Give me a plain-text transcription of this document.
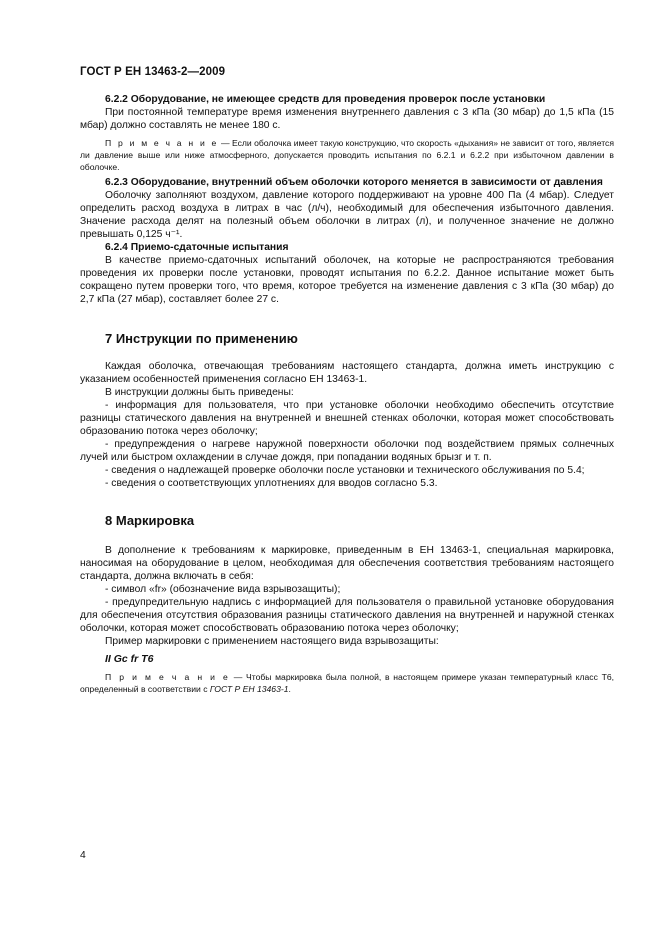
ГОСТ Р ЕН 13463-2—2009

6.2.2 Оборудование, не имеющее средств для проведения проверок после установки

При постоянной температуре время изменения внутреннего давления с 3 кПа (30 мбар) до 1,5 кПа (15 мбар) должно составлять не менее 180 с.

П р и м е ч а н и е — Если оболочка имеет такую конструкцию, что скорость «дыхания» не зависит от того, является ли давление выше или ниже атмосферного, допускается проводить испытания по 6.2.1 и 6.2.2 при избыточном давлении в оболочке.

6.2.3 Оборудование, внутренний объем оболочки которого меняется в зависимости от давления

Оболочку заполняют воздухом, давление которого поддерживают на уровне 400 Па (4 мбар). Следует определить расход воздуха в литрах в час (л/ч), необходимый для обеспечения избыточного давления. Значение расхода делят на полезный объем оболочки в литрах (л), и полученное значение не должно превышать 0,125 ч⁻¹.

6.2.4 Приемо-сдаточные испытания

В качестве приемо-сдаточных испытаний оболочек, на которые не распространяются требования проведения их проверки после установки, проводят испытания по 6.2.2. Данное испытание может быть сокращено путем проверки того, что время, которое требуется на изменение давления с 3 кПа (30 мбар) до 2,7 кПа (27 мбар), составляет более 27 с.

7 Инструкции по применению

Каждая оболочка, отвечающая требованиям настоящего стандарта, должна иметь инструкцию с указанием особенностей применения согласно ЕН 13463-1.

В инструкции должны быть приведены:

- информация для пользователя, что при установке оболочки необходимо обеспечить отсутствие разницы статического давления на внутренней и внешней стенках оболочки, которая может способствовать образованию потока через оболочку;

- предупреждения о нагреве наружной поверхности оболочки под воздействием прямых солнечных лучей или быстром охлаждении в случае дождя, при попадании водяных брызг и т. п.

- сведения о надлежащей проверке оболочки после установки и технического обслуживания по 5.4;

- сведения о соответствующих уплотнениях для вводов согласно 5.3.

8 Маркировка

В дополнение к требованиям к маркировке, приведенным в ЕН 13463-1, специальная маркировка, наносимая на оборудование в целом, необходимая для обеспечения соответствия требованиям настоящего стандарта, должна включать в себя:

- символ «fr» (обозначение вида взрывозащиты);

- предупредительную надпись с информацией для пользователя о правильной установке оборудования для обеспечения отсутствия образования разницы статического давления на внутренней и наружной стенках оболочки, которая может способствовать образованию потока через оболочку;

Пример маркировки с применением настоящего вида взрывозащиты:

II Gc fr T6

П р и м е ч а н и е — Чтобы маркировка была полной, в настоящем примере указан температурный класс Т6, определенный в соответствии с ГОСТ Р ЕН 13463-1.

4
